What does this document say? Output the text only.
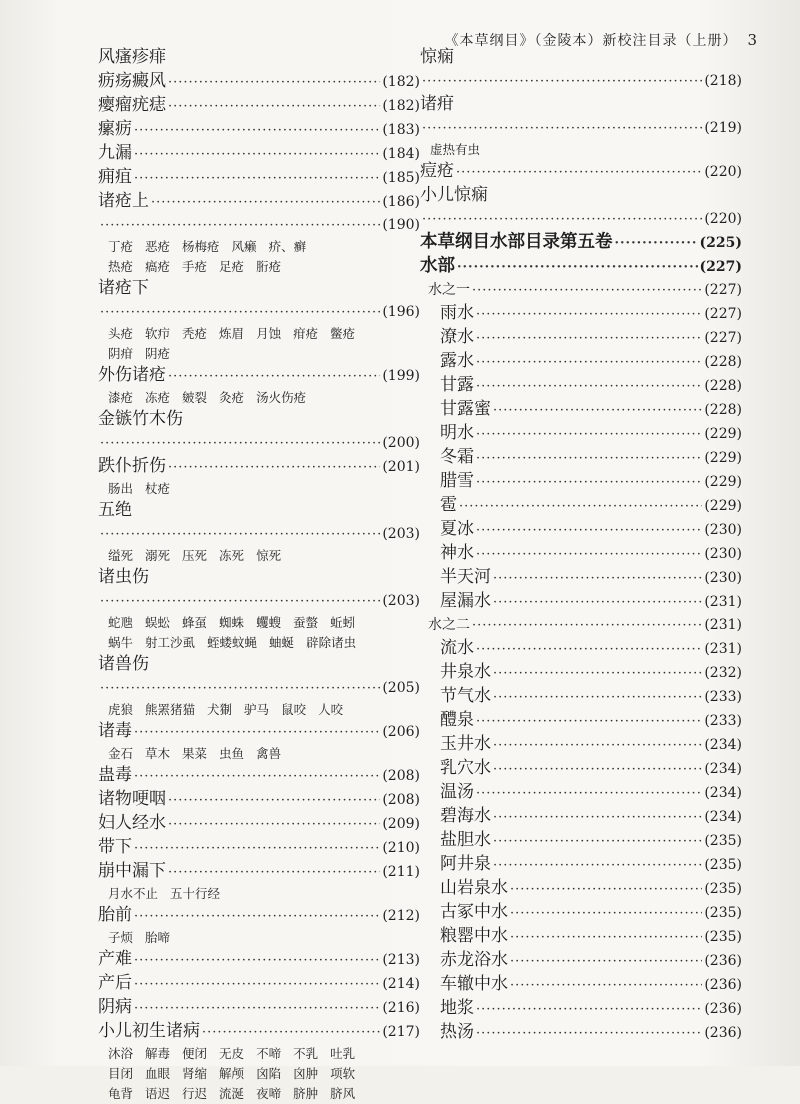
《本草纲目》（金陵本）新校注目录（上册） 3
风瘙疹痱
疬疡癜风 ·····	(182)
瘿瘤疣痣 ·····	(182)
瘰疬 ·····	(183)
九漏 ·····	(184)
痈疽 ·····	(185)
诸疮上 ·····	(186)
·····
(190)
丁疮 恶疮 杨梅疮 风癞 疥、癣
热疮 瘑疮 手疮 足疮 胻疮
诸疮下
·····
(196)
头疮 软疖 秃疮 炼眉 月蚀 疳疮 鳖疮
阴疳 阴疮
外伤诸疮 ·····	(199)
漆疮 冻疮 皴裂 灸疮 汤火伤疮
金镞竹木伤
·····
(200)
跌仆折伤 ·····	(201)
肠出 杖疮
五绝
·····
(203)
缢死 溺死 压死 冻死 惊死
诸虫伤
·····
(203)
蛇虺 蜈蚣 蜂虿 蜘蛛 蠼螋 蚕螫 蚯蚓
蜗牛 射工沙虱 蛭蝼蚊蝇 蚰蜒 辟除诸虫
诸兽伤
·····
(205)
虎狼 熊罴猪猫 犬猘 驴马 鼠咬 人咬
诸毒 ·····	(206)
金石 草木 果菜 虫鱼 禽兽
蛊毒 ·····	(208)
诸物哽咽 ·····	(208)
妇人经水 ·····	(209)
带下 ·····	(210)
崩中漏下 ·····	(211)
月水不止 五十行经
胎前 ·····	(212)
子烦 胎啼
产难 ·····	(213)
产后 ·····	(214)
阴病 ·····	(216)
小儿初生诸病 ·····	(217)
沐浴 解毒 便闭 无皮 不啼 不乳 吐乳
目闭 血眼 肾缩 解颅 囟陷 囟肿 项软
龟背 语迟 行迟 流涎 夜啼 脐肿 脐风
惊痫
·····
(218)
诸疳
·····
(219)
虚热有虫
痘疮 ·····	(220)
小儿惊痫
·····
(220)
本草纲目水部目录第五卷 ·····	(225)
水部 ·····	(227)
水之一 ·····	(227)
雨水 ·····	(227)
潦水 ·····	(227)
露水 ·····	(228)
甘露 ·····	(228)
甘露蜜 ·····	(228)
明水 ·····	(229)
冬霜 ·····	(229)
腊雪 ·····	(229)
雹 ·····	(229)
夏冰 ·····	(230)
神水 ·····	(230)
半天河 ·····	(230)
屋漏水 ·····	(231)
水之二 ·····	(231)
流水 ·····	(231)
井泉水 ·····	(232)
节气水 ·····	(233)
醴泉 ·····	(233)
玉井水 ·····	(234)
乳穴水 ·····	(234)
温汤 ·····	(234)
碧海水 ·····	(234)
盐胆水 ·····	(235)
阿井泉 ·····	(235)
山岩泉水 ·····	(235)
古冢中水 ·····	(235)
粮罂中水 ·····	(235)
赤龙浴水 ·····	(236)
车辙中水 ·····	(236)
地浆 ·····	(236)
热汤 ·····	(236)
